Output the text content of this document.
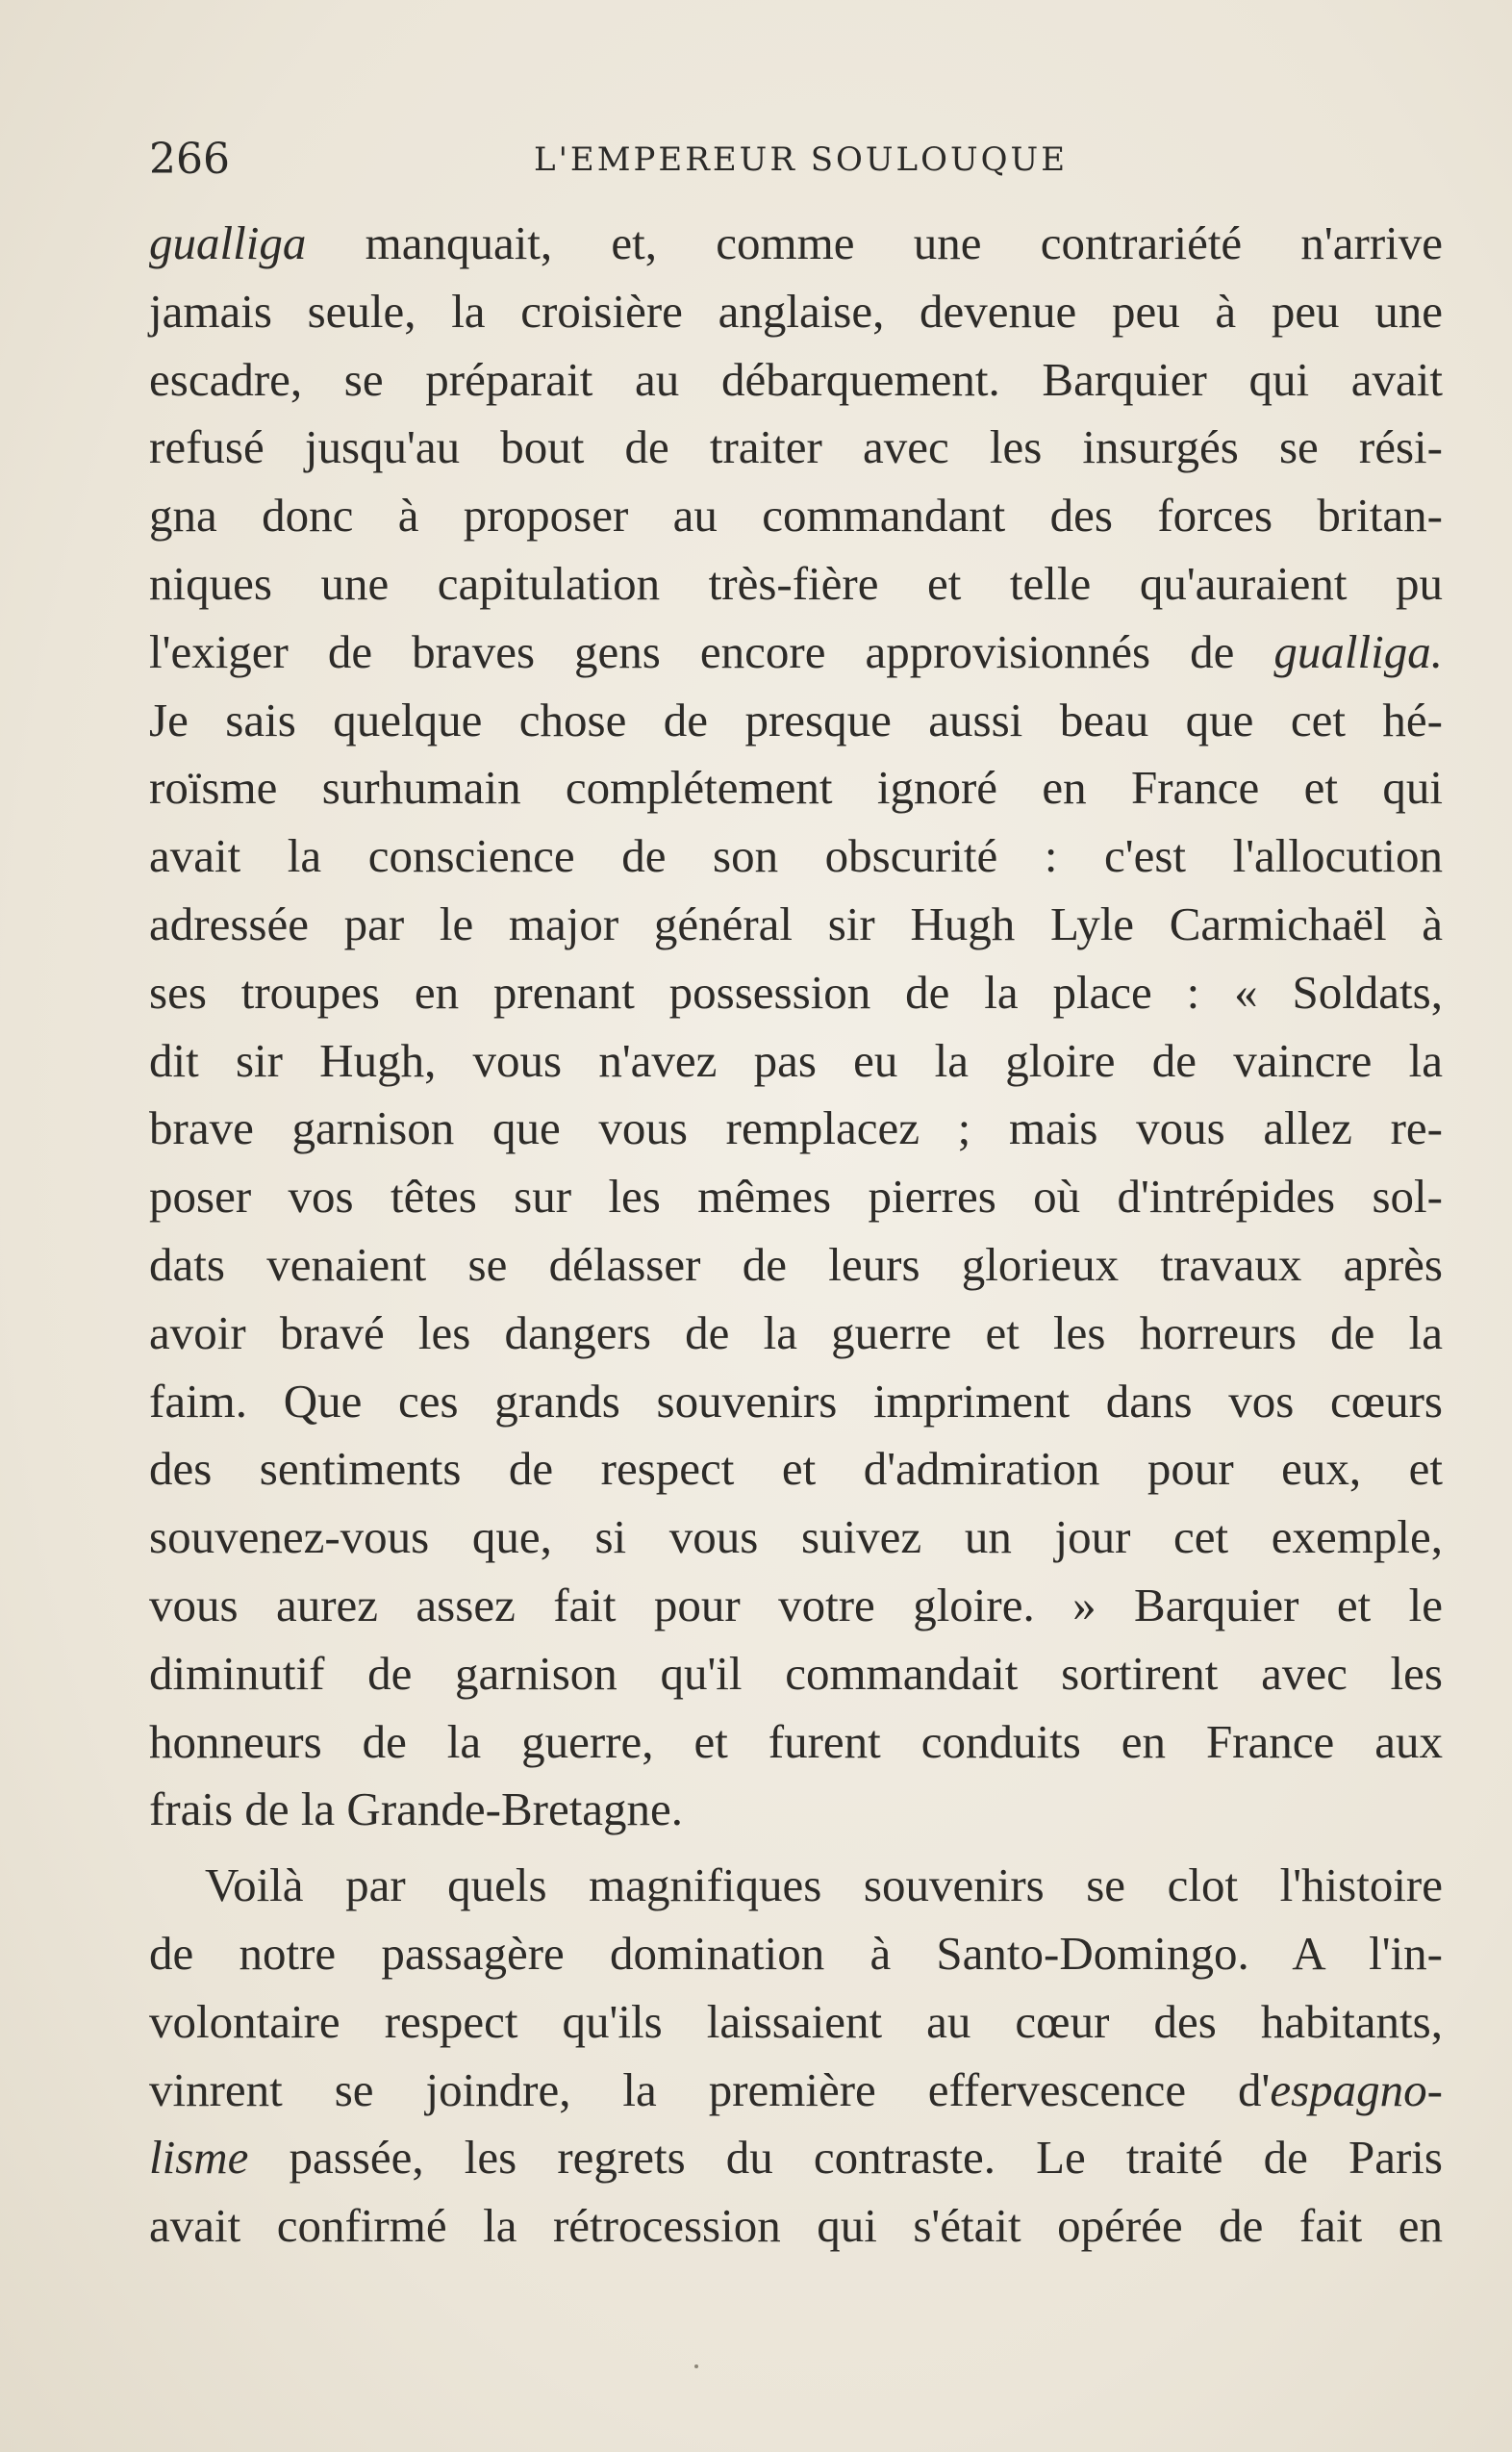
266	L'EMPEREUR SOULOUQUE
gualliga manquait, et, comme une contrariété n'arrive
jamais seule, la croisière anglaise, devenue peu à peu une
escadre, se préparait au débarquement. Barquier qui avait
refusé jusqu'au bout de traiter avec les insurgés se rési-
gna donc à proposer au commandant des forces britan-
niques une capitulation très-fière et telle qu'auraient pu
l'exiger de braves gens encore approvisionnés de gualliga.
Je sais quelque chose de presque aussi beau que cet hé-
roïsme surhumain complétement ignoré en France et qui
avait la conscience de son obscurité : c'est l'allocution
adressée par le major général sir Hugh Lyle Carmichaël à
ses troupes en prenant possession de la place : « Soldats,
dit sir Hugh, vous n'avez pas eu la gloire de vaincre la
brave garnison que vous remplacez ; mais vous allez re-
poser vos têtes sur les mêmes pierres où d'intrépides sol-
dats venaient se délasser de leurs glorieux travaux après
avoir bravé les dangers de la guerre et les horreurs de la
faim. Que ces grands souvenirs impriment dans vos cœurs
des sentiments de respect et d'admiration pour eux, et
souvenez-vous que, si vous suivez un jour cet exemple,
vous aurez assez fait pour votre gloire. » Barquier et le
diminutif de garnison qu'il commandait sortirent avec les
honneurs de la guerre, et furent conduits en France aux
frais de la Grande-Bretagne.
Voilà par quels magnifiques souvenirs se clot l'histoire
de notre passagère domination à Santo-Domingo. A l'in-
volontaire respect qu'ils laissaient au cœur des habitants,
vinrent se joindre, la première effervescence d'espagno-
lisme passée, les regrets du contraste. Le traité de Paris
avait confirmé la rétrocession qui s'était opérée de fait en
